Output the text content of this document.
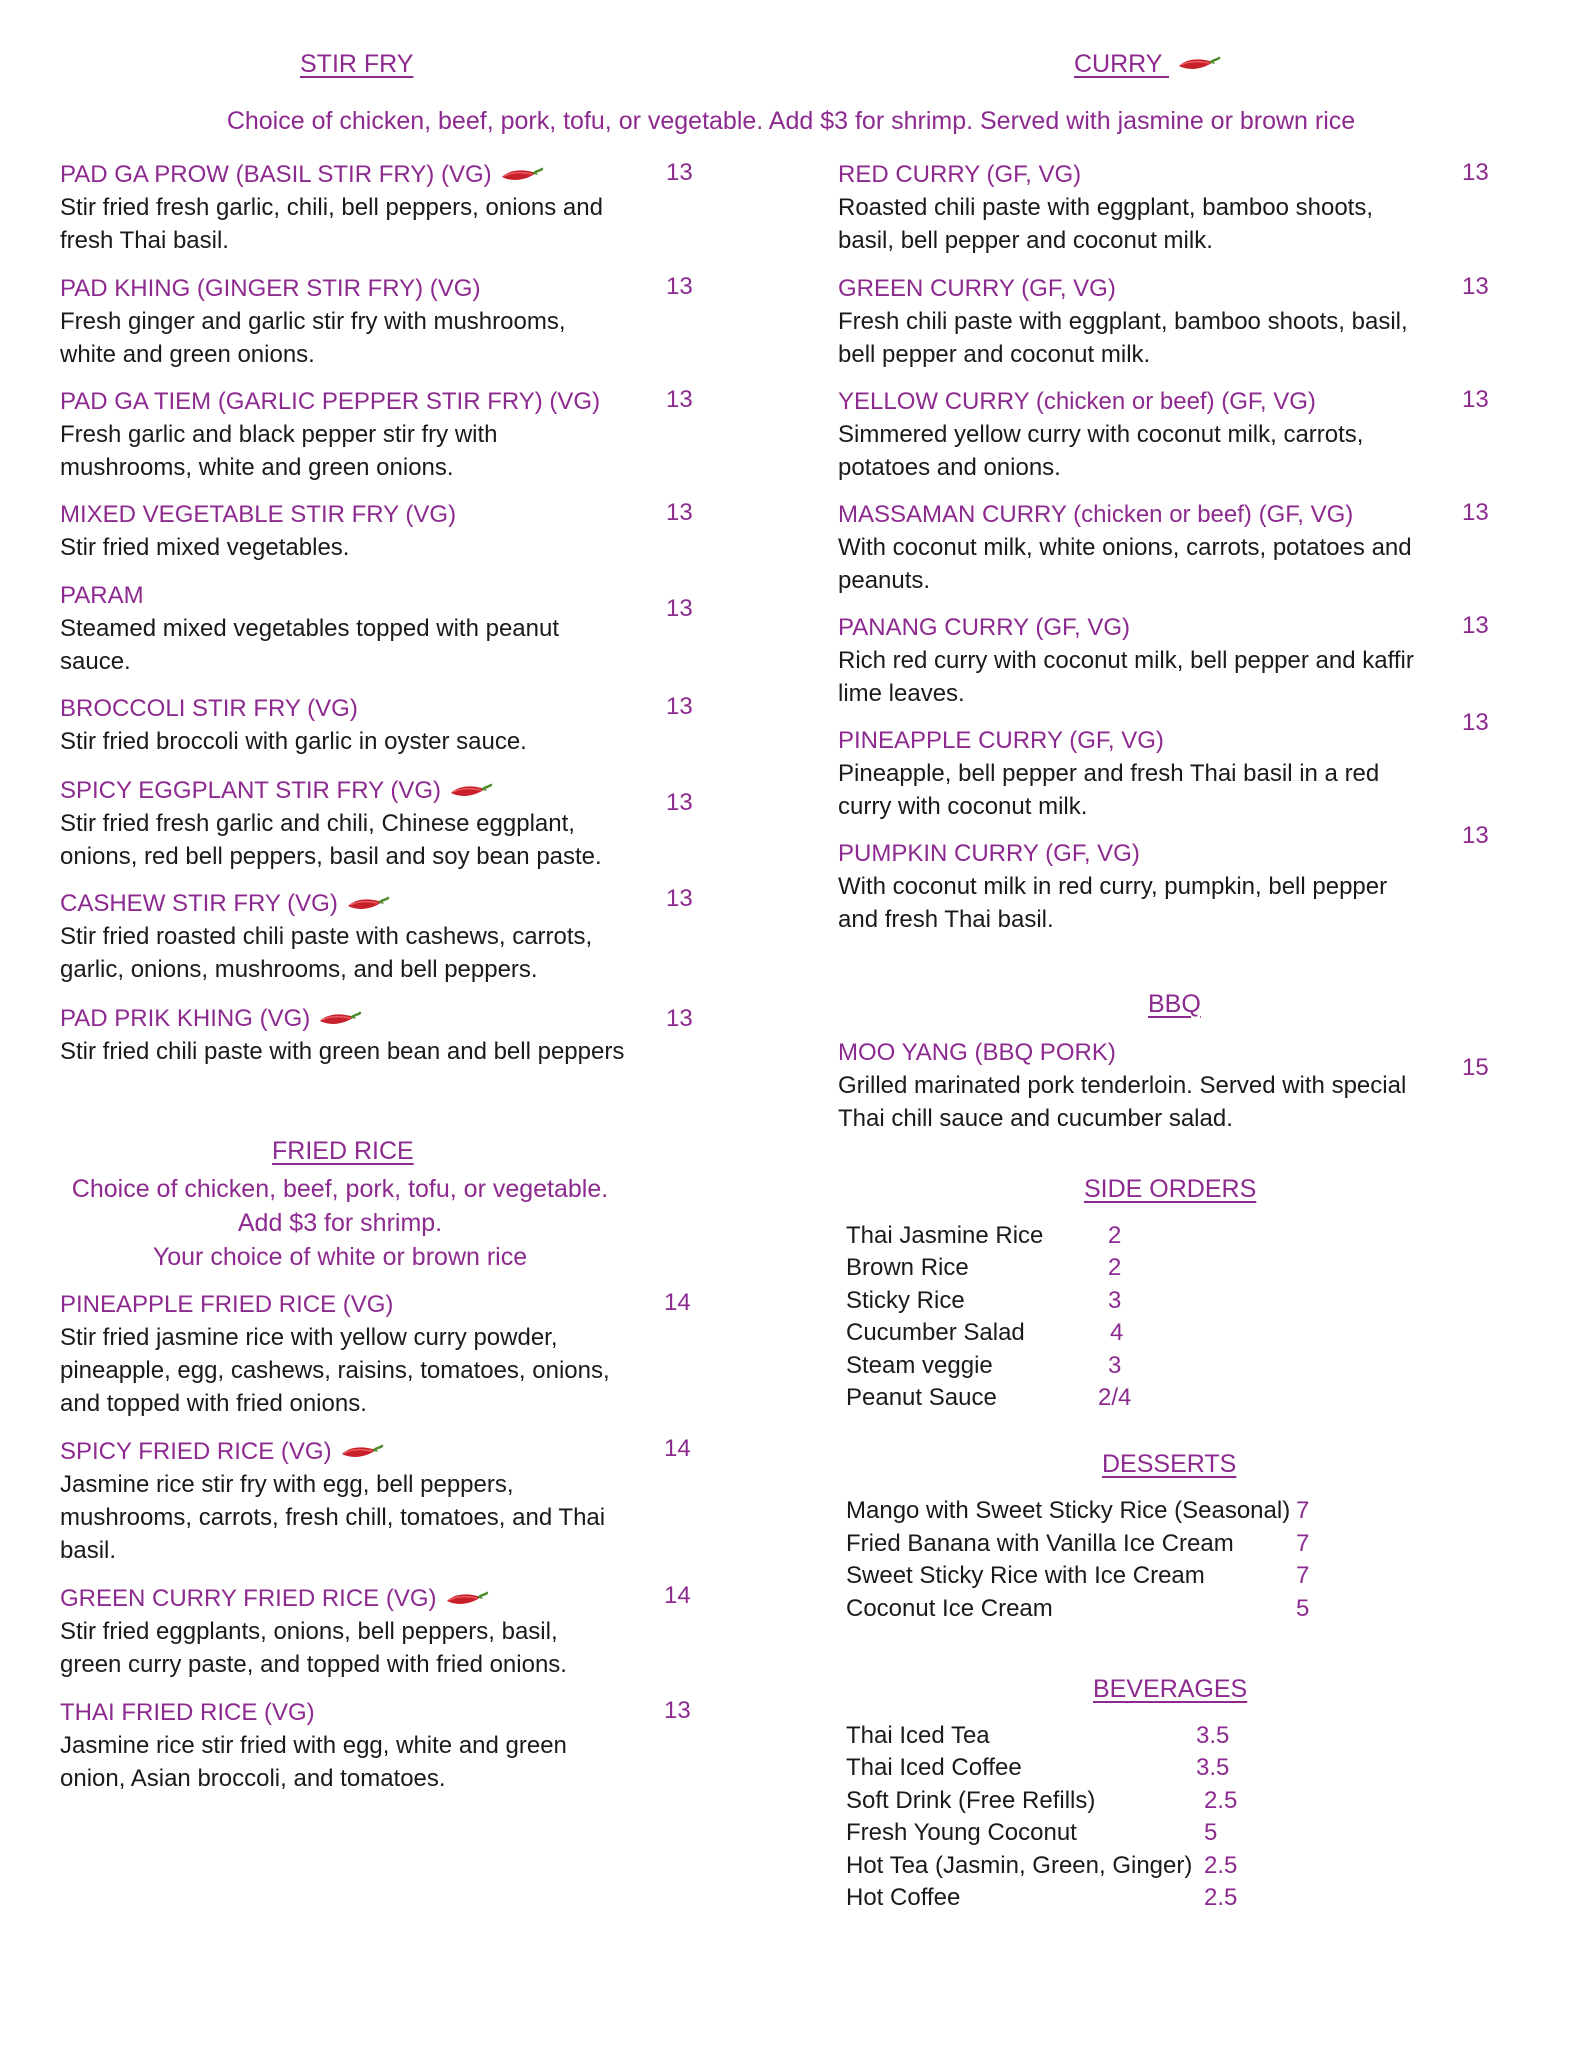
STIR FRY	CURRY
Choice of chicken, beef, pork, tofu, or vegetable. Add $3 for shrimp. Served with jasmine or brown rice
PAD GA PROW (BASIL STIR FRY) (VG)
Stir fried fresh garlic, chili, bell peppers, onions and fresh Thai basil.
13
PAD KHING (GINGER STIR FRY) (VG)
Fresh ginger and garlic stir fry with mushrooms, white and green onions.
13
PAD GA TIEM (GARLIC PEPPER STIR FRY) (VG)
Fresh garlic and black pepper stir fry with mushrooms, white and green onions.
13
MIXED VEGETABLE STIR FRY (VG)
Stir fried mixed vegetables.
13
PARAM
Steamed mixed vegetables topped with peanut sauce.
13
BROCCOLI STIR FRY (VG)
Stir fried broccoli with garlic in oyster sauce.
13
SPICY EGGPLANT STIR FRY (VG)
Stir fried fresh garlic and chili, Chinese eggplant, onions, red bell peppers, basil and soy bean paste.
13
CASHEW STIR FRY (VG)
Stir fried roasted chili paste with cashews, carrots, garlic, onions, mushrooms, and bell peppers.
13
PAD PRIK KHING (VG)
Stir fried chili paste with green bean and bell peppers
13
RED CURRY (GF, VG)
Roasted chili paste with eggplant, bamboo shoots, basil, bell pepper and coconut milk.
13
GREEN CURRY (GF, VG)
Fresh chili paste with eggplant, bamboo shoots, basil, bell pepper and coconut milk.
13
YELLOW CURRY (chicken or beef) (GF, VG)
Simmered yellow curry with coconut milk, carrots, potatoes and onions.
13
MASSAMAN CURRY (chicken or beef) (GF, VG)
With coconut milk, white onions, carrots, potatoes and peanuts.
13
PANANG CURRY (GF, VG)
Rich red curry with coconut milk, bell pepper and kaffir lime leaves.
13
PINEAPPLE CURRY (GF, VG)
Pineapple, bell pepper and fresh Thai basil in a red curry with coconut milk.
13
PUMPKIN CURRY (GF, VG)
With coconut milk in red curry, pumpkin, bell pepper and fresh Thai basil.
13
BBQ
MOO YANG (BBQ PORK)
Grilled marinated pork tenderloin. Served with special Thai chill sauce and cucumber salad.
15
FRIED RICE
Choice of chicken, beef, pork, tofu, or vegetable.
Add $3 for shrimp.
Your choice of white or brown rice
PINEAPPLE FRIED RICE (VG)
Stir fried jasmine rice with yellow curry powder, pineapple, egg, cashews, raisins, tomatoes, onions, and topped with fried onions.
14
SPICY FRIED RICE (VG)
Jasmine rice stir fry with egg, bell peppers, mushrooms, carrots, fresh chill, tomatoes, and Thai basil.
14
GREEN CURRY FRIED RICE (VG)
Stir fried eggplants, onions, bell peppers, basil, green curry paste, and topped with fried onions.
14
THAI FRIED RICE (VG)
Jasmine rice stir fried with egg, white and green onion, Asian broccoli, and tomatoes.
13
SIDE ORDERS
Thai Jasmine Rice	2
Brown Rice	2
Sticky Rice	3
Cucumber Salad	4
Steam veggie	3
Peanut Sauce	2/4
DESSERTS
Mango with Sweet Sticky Rice (Seasonal) 7
Fried Banana with Vanilla Ice Cream	7
Sweet Sticky Rice with Ice Cream	7
Coconut Ice Cream	5
BEVERAGES
Thai Iced Tea	3.5
Thai Iced Coffee	3.5
Soft Drink (Free Refills)	2.5
Fresh Young Coconut	5
Hot Tea (Jasmin, Green, Ginger) 2.5
Hot Coffee	2.5
